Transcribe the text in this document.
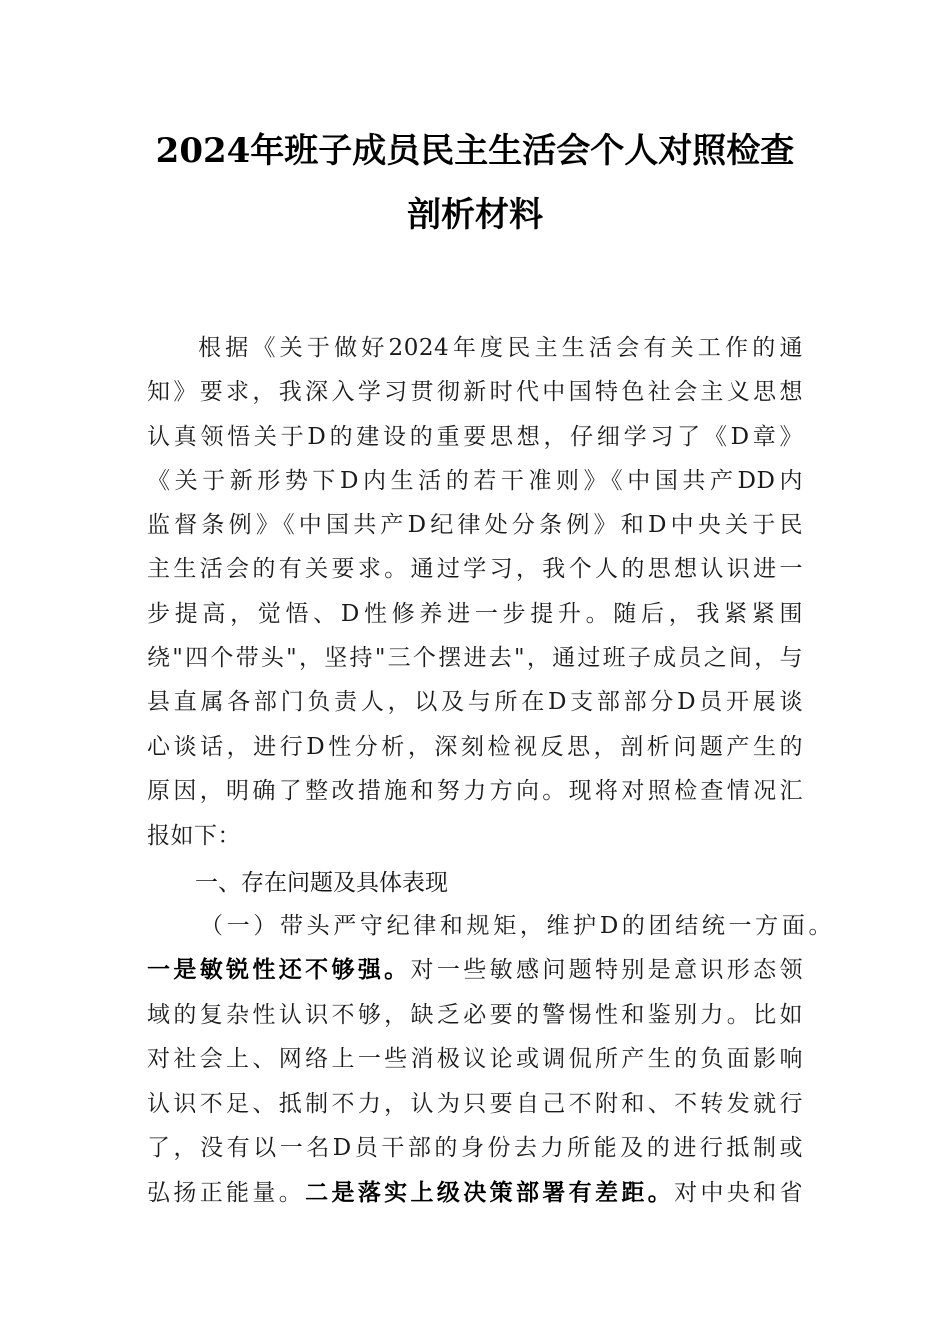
2024年班子成员民主生活会个人对照检查
剖析材料
根据《关于做好2024年度民主生活会有关工作的通
知》要求，我深入学习贯彻新时代中国特色社会主义思想
认真领悟关于D的建设的重要思想，仔细学习了《D章》
《关于新形势下D内生活的若干准则》《中国共产DD内
监督条例》《中国共产D纪律处分条例》和D中央关于民
主生活会的有关要求。通过学习，我个人的思想认识进一
步提高，觉悟、D性修养进一步提升。随后，我紧紧围
绕"四个带头"，坚持"三个摆进去"，通过班子成员之间，与
县直属各部门负责人，以及与所在D支部部分D员开展谈
心谈话，进行D性分析，深刻检视反思，剖析问题产生的
原因，明确了整改措施和努力方向。现将对照检查情况汇
报如下：
一、存在问题及具体表现
（一）带头严守纪律和规矩，维护D的团结统一方面。
一是敏锐性还不够强。对一些敏感问题特别是意识形态领
域的复杂性认识不够，缺乏必要的警惕性和鉴别力。比如
对社会上、网络上一些消极议论或调侃所产生的负面影响
认识不足、抵制不力，认为只要自己不附和、不转发就行
了，没有以一名D员干部的身份去力所能及的进行抵制或
弘扬正能量。二是落实上级决策部署有差距。对中央和省
